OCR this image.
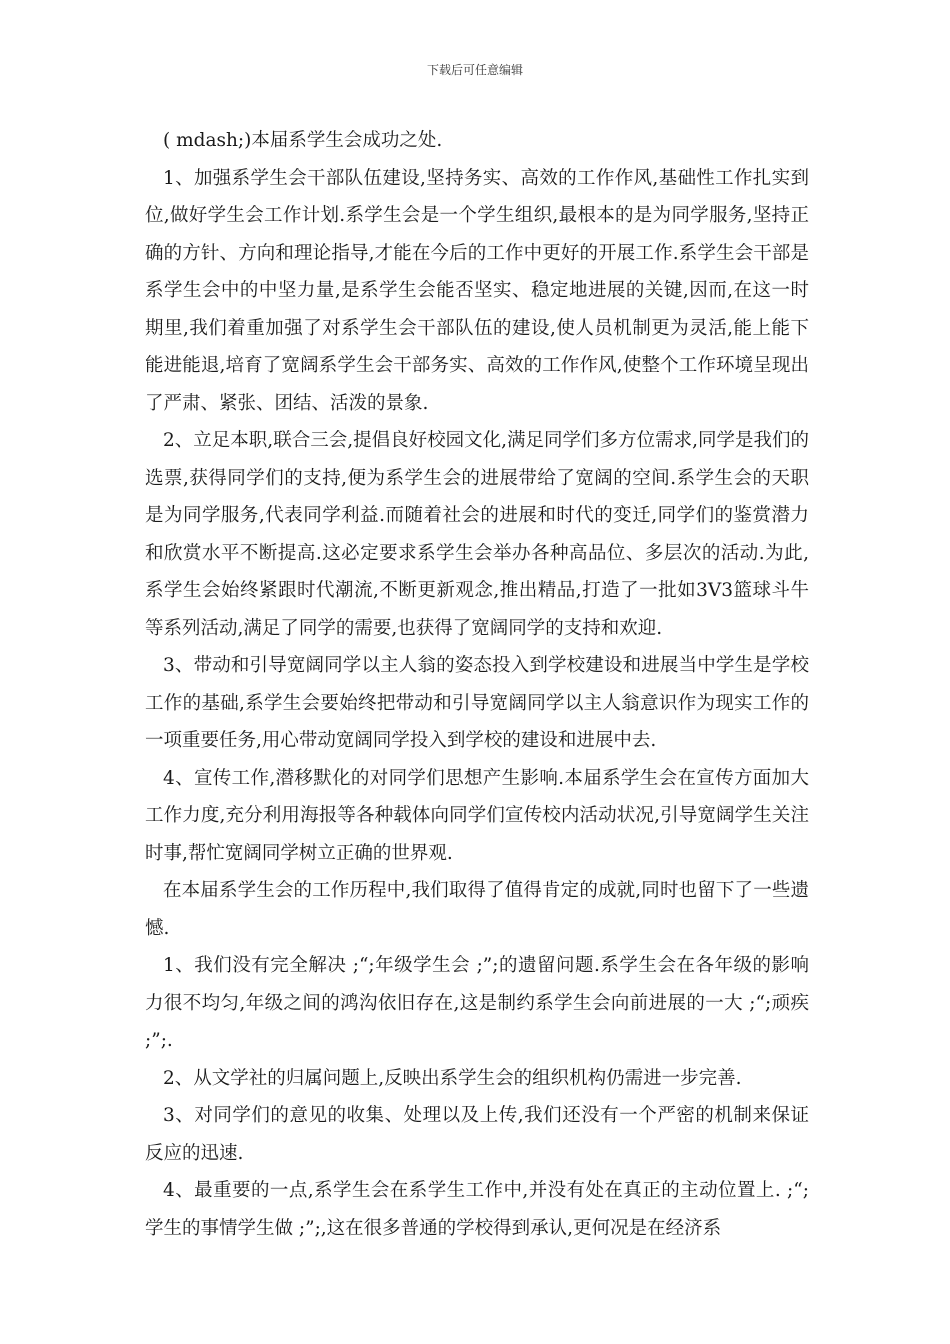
下载后可任意编辑

( mdash;)本届系学生会成功之处.

1、加强系学生会干部队伍建设,坚持务实、高效的工作作风,基础性工作扎实到位,做好学生会工作计划.系学生会是一个学生组织,最根本的是为同学服务,坚持正确的方针、方向和理论指导,才能在今后的工作中更好的开展工作.系学生会干部是系学生会中的中坚力量,是系学生会能否坚实、稳定地进展的关键,因而,在这一时期里,我们着重加强了对系学生会干部队伍的建设,使人员机制更为灵活,能上能下能进能退,培育了宽阔系学生会干部务实、高效的工作作风,使整个工作环境呈现出了严肃、紧张、团结、活泼的景象.

2、立足本职,联合三会,提倡良好校园文化,满足同学们多方位需求,同学是我们的选票,获得同学们的支持,便为系学生会的进展带给了宽阔的空间.系学生会的天职是为同学服务,代表同学利益.而随着社会的进展和时代的变迁,同学们的鉴赏潜力和欣赏水平不断提高.这必定要求系学生会举办各种高品位、多层次的活动.为此,系学生会始终紧跟时代潮流,不断更新观念,推出精品,打造了一批如3V3篮球斗牛等系列活动,满足了同学的需要,也获得了宽阔同学的支持和欢迎.

3、带动和引导宽阔同学以主人翁的姿态投入到学校建设和进展当中学生是学校工作的基础,系学生会要始终把带动和引导宽阔同学以主人翁意识作为现实工作的一项重要任务,用心带动宽阔同学投入到学校的建设和进展中去.

4、宣传工作,潜移默化的对同学们思想产生影响.本届系学生会在宣传方面加大工作力度,充分利用海报等各种载体向同学们宣传校内活动状况,引导宽阔学生关注时事,帮忙宽阔同学树立正确的世界观.

在本届系学生会的工作历程中,我们取得了值得肯定的成就,同时也留下了一些遗憾.

1、我们没有完全解决 ;“;年级学生会 ;”;的遗留问题.系学生会在各年级的影响力很不均匀,年级之间的鸿沟依旧存在,这是制约系学生会向前进展的一大 ;“;顽疾 ;”;.

2、从文学社的归属问题上,反映出系学生会的组织机构仍需进一步完善.

3、对同学们的意见的收集、处理以及上传,我们还没有一个严密的机制来保证反应的迅速.

4、最重要的一点,系学生会在系学生工作中,并没有处在真正的主动位置上. ;“;学生的事情学生做 ;”;,这在很多普通的学校得到承认,更何况是在经济系
